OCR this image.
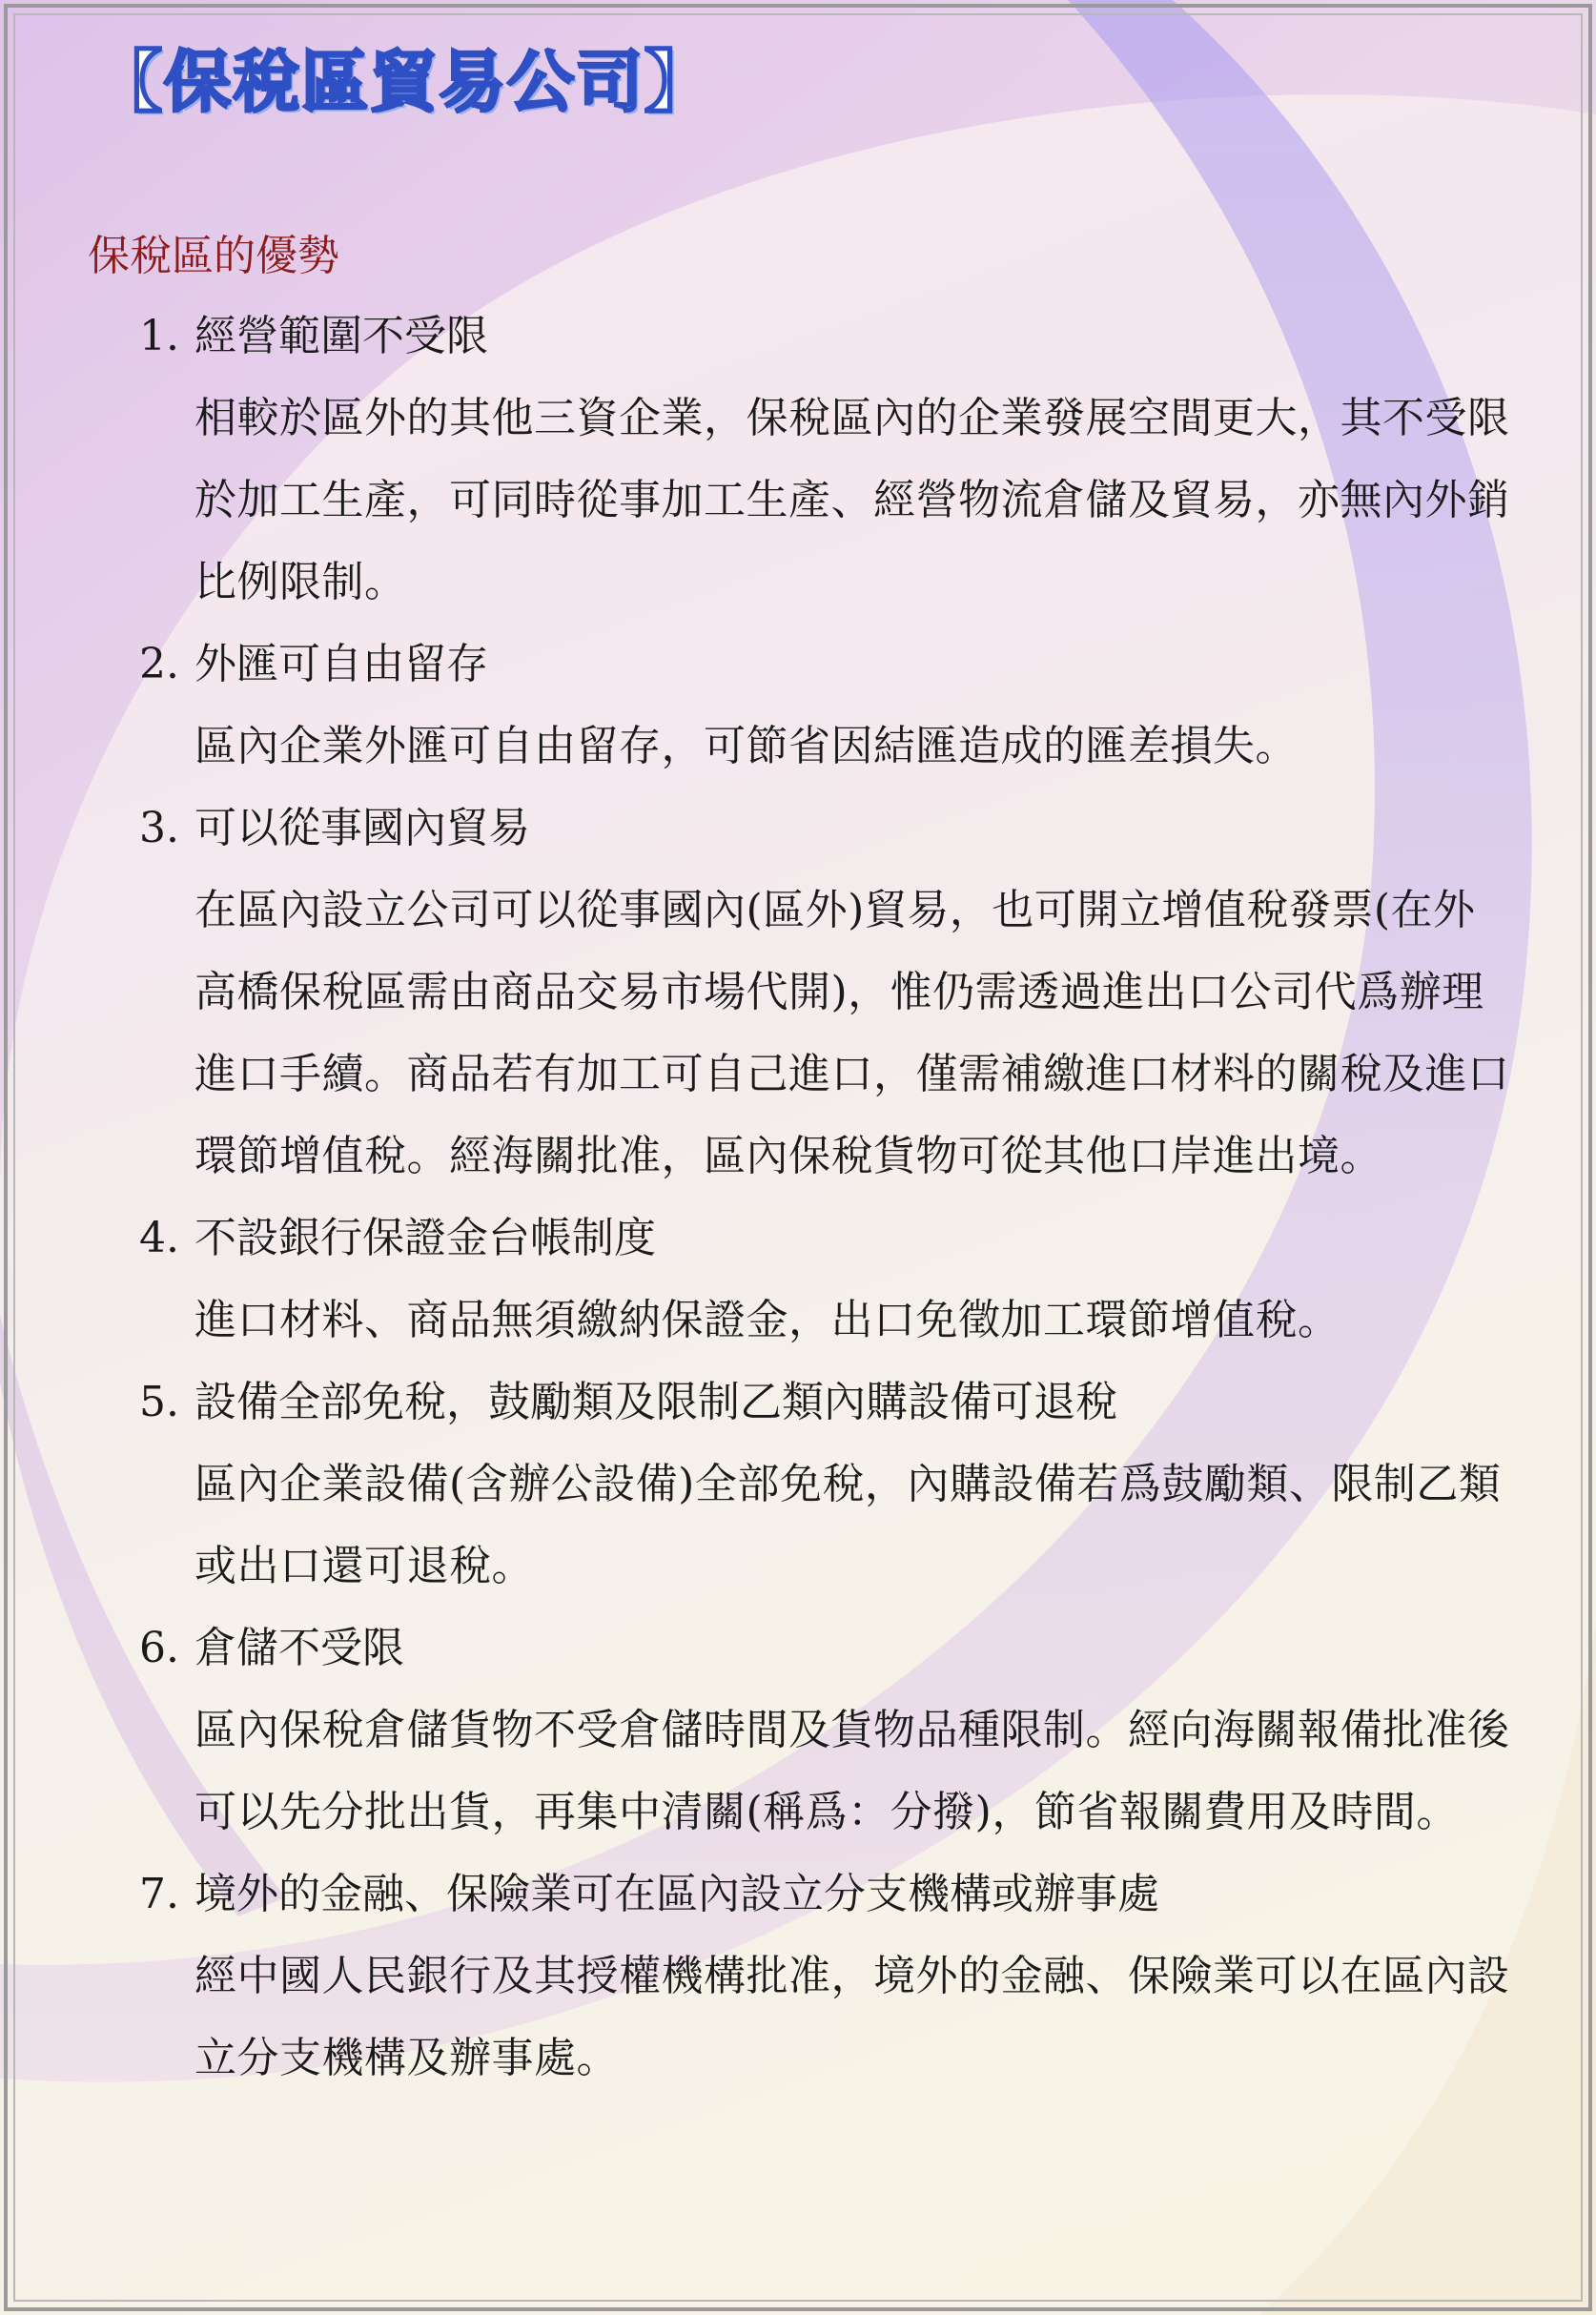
【保稅區貿易公司】
保稅區的優勢
1. 經營範圍不受限
相較於區外的其他三資企業，保稅區內的企業發展空間更大，其不受限於加工生產，可同時從事加工生產、經營物流倉儲及貿易，亦無內外銷比例限制。
2. 外匯可自由留存
區內企業外匯可自由留存，可節省因結匯造成的匯差損失。
3. 可以從事國內貿易
在區內設立公司可以從事國內(區外)貿易，也可開立增值稅發票(在外高橋保稅區需由商品交易市場代開)，惟仍需透過進出口公司代爲辦理進口手續。商品若有加工可自己進口，僅需補繳進口材料的關稅及進口環節增值稅。經海關批准，區內保稅貨物可從其他口岸進出境。
4. 不設銀行保證金台帳制度
進口材料、商品無須繳納保證金，出口免徵加工環節增值稅。
5. 設備全部免稅，鼓勵類及限制乙類內購設備可退稅
區內企業設備(含辦公設備)全部免稅，內購設備若爲鼓勵類、限制乙類或出口還可退稅。
6. 倉儲不受限
區內保稅倉儲貨物不受倉儲時間及貨物品種限制。經向海關報備批准後可以先分批出貨，再集中清關(稱爲：分撥)，節省報關費用及時間。
7. 境外的金融、保險業可在區內設立分支機構或辦事處
經中國人民銀行及其授權機構批准，境外的金融、保險業可以在區內設立分支機構及辦事處。
